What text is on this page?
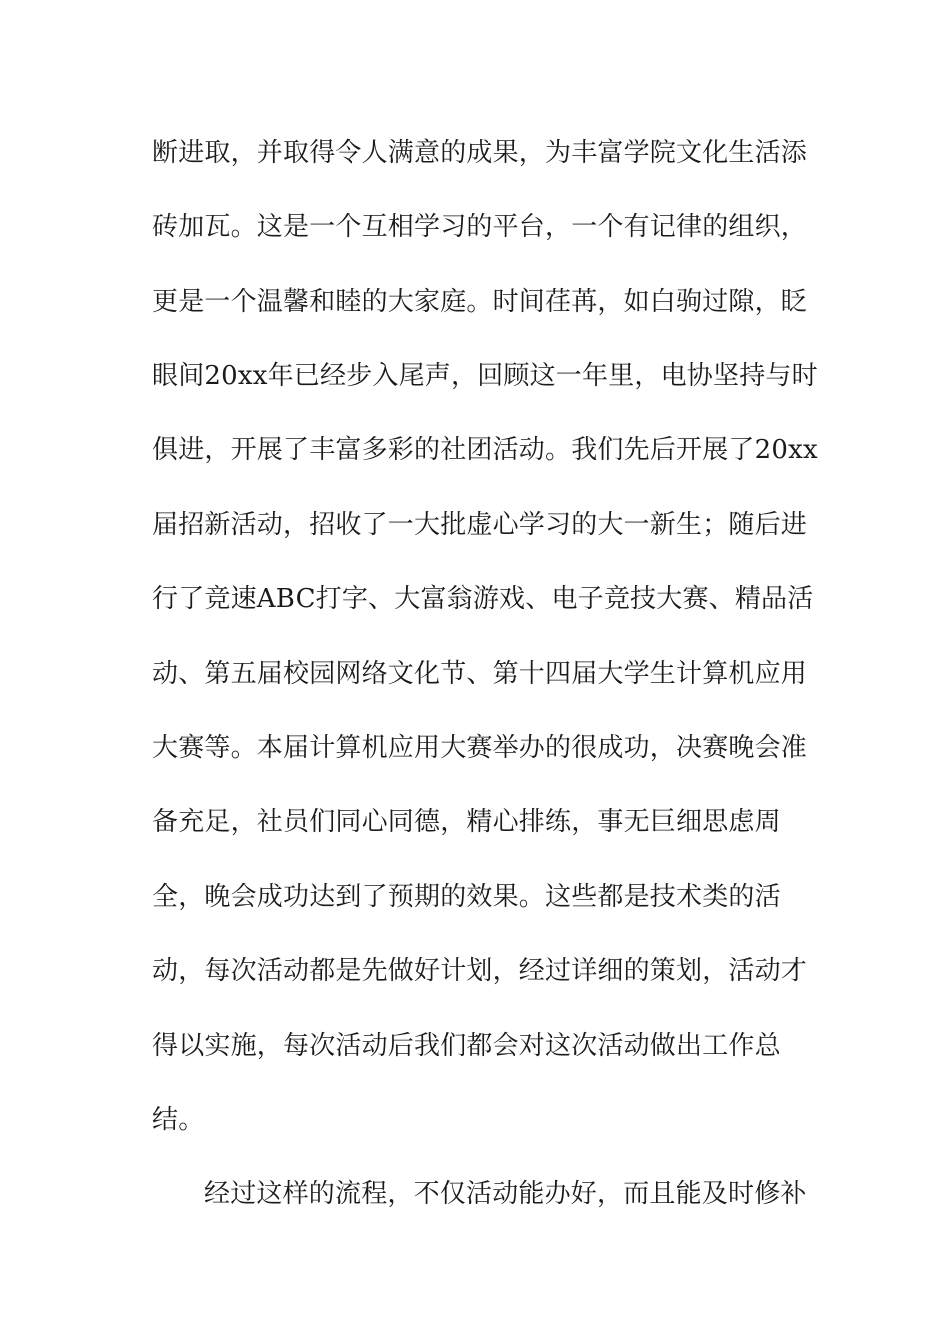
断进取，并取得令人满意的成果，为丰富学院文化生活添
砖加瓦。这是一个互相学习的平台，一个有记律的组织，
更是一个温馨和睦的大家庭。时间荏苒，如白驹过隙，眨
眼间20xx年已经步入尾声，回顾这一年里，电协坚持与时
俱进，开展了丰富多彩的社团活动。我们先后开展了20xx
届招新活动，招收了一大批虚心学习的大一新生；随后进
行了竞速ABC打字、大富翁游戏、电子竞技大赛、精品活
动、第五届校园网络文化节、第十四届大学生计算机应用
大赛等。本届计算机应用大赛举办的很成功，决赛晚会准
备充足，社员们同心同德，精心排练，事无巨细思虑周
全，晚会成功达到了预期的效果。这些都是技术类的活
动，每次活动都是先做好计划，经过详细的策划，活动才
得以实施，每次活动后我们都会对这次活动做出工作总
结。
经过这样的流程，不仅活动能办好，而且能及时修补
